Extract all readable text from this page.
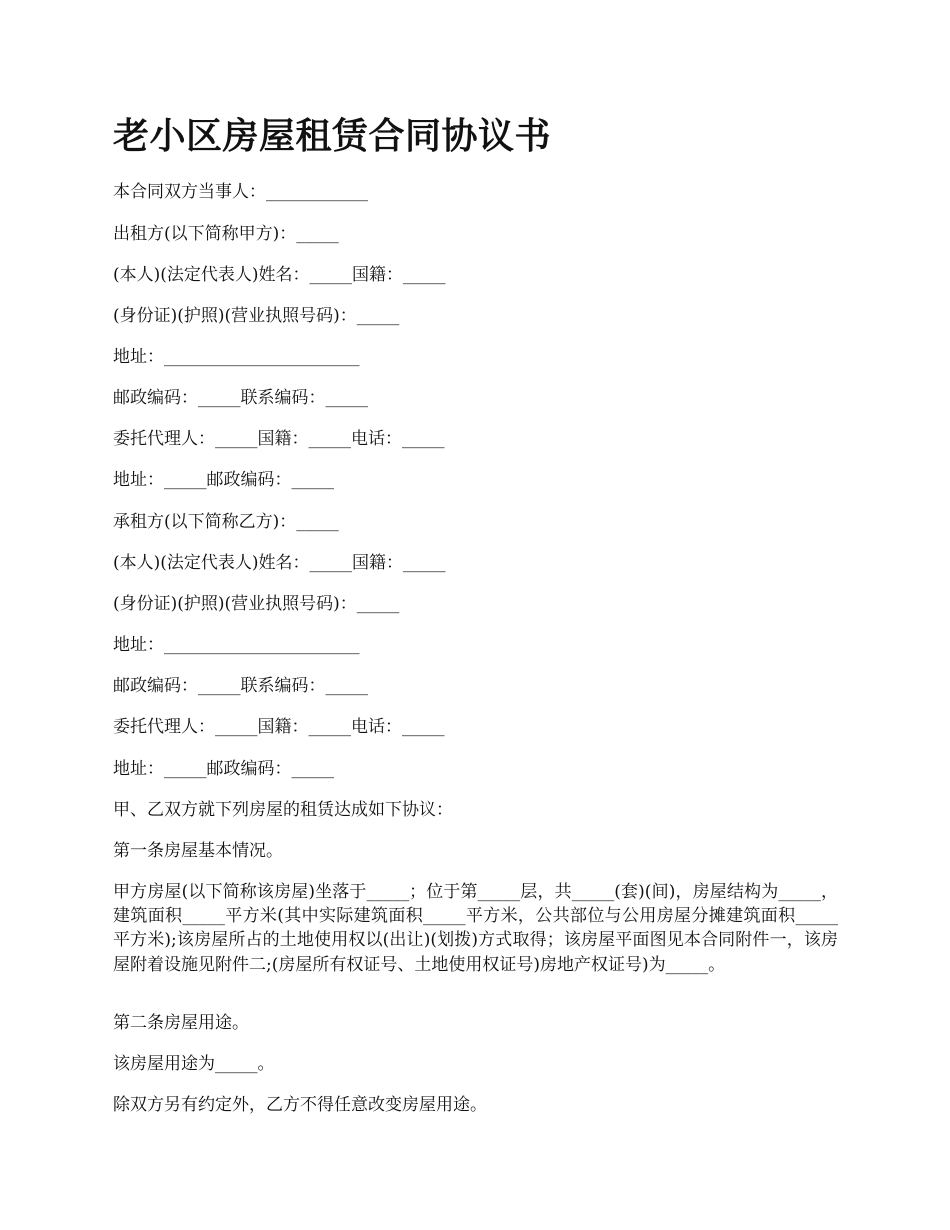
老小区房屋租赁合同协议书
本合同双方当事人：____________
出租方(以下简称甲方)：_____
(本人)(法定代表人)姓名：_____国籍：_____
(身份证)(护照)(营业执照号码)：_____
地址：_______________________
邮政编码：_____联系编码：_____
委托代理人：_____国籍：_____电话：_____
地址：_____邮政编码：_____
承租方(以下简称乙方)：_____
(本人)(法定代表人)姓名：_____国籍：_____
(身份证)(护照)(营业执照号码)：_____
地址：_______________________
邮政编码：_____联系编码：_____
委托代理人：_____国籍：_____电话：_____
地址：_____邮政编码：_____
甲、乙双方就下列房屋的租赁达成如下协议：
第一条房屋基本情况。
甲方房屋(以下简称该房屋)坐落于_____；位于第_____层，共_____(套)(间)，房屋结构为_____，建筑面积_____平方米(其中实际建筑面积_____平方米，公共部位与公用房屋分摊建筑面积_____平方米);该房屋所占的土地使用权以(出让)(划拨)方式取得；该房屋平面图见本合同附件一，该房屋附着设施见附件二;(房屋所有权证号、土地使用权证号)房地产权证号)为_____。
第二条房屋用途。
该房屋用途为_____。
除双方另有约定外，乙方不得任意改变房屋用途。
